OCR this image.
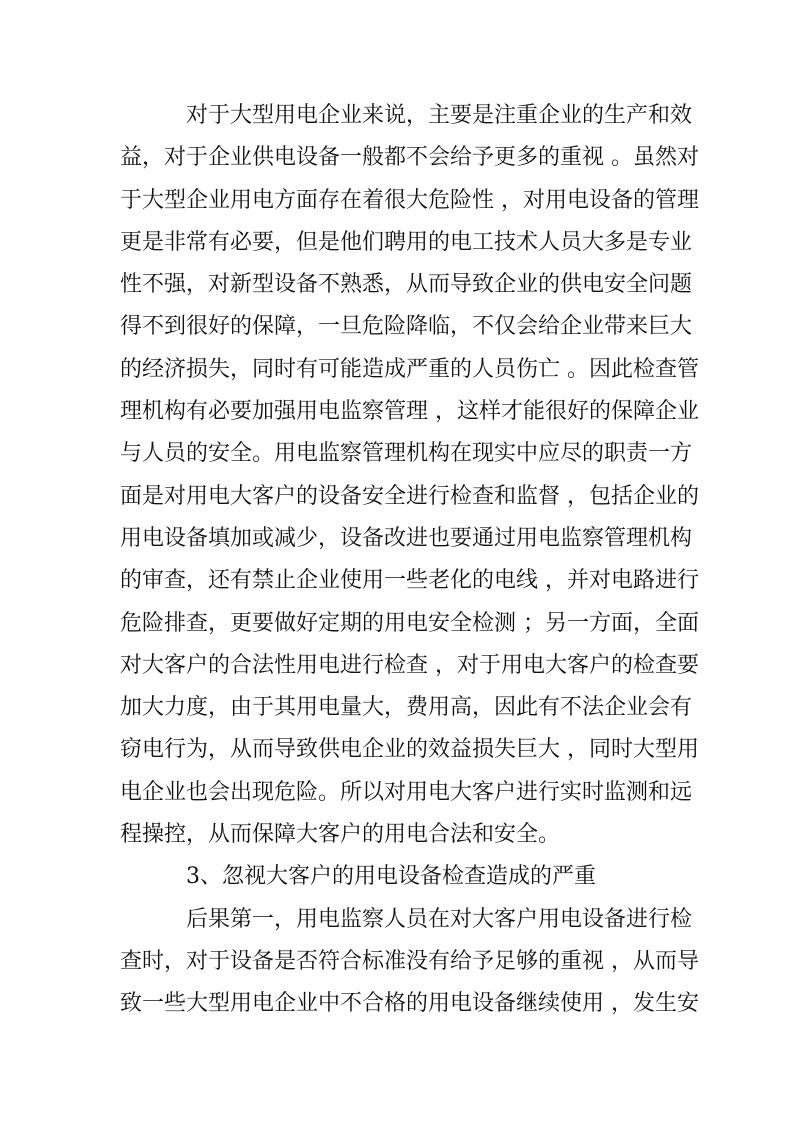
对于大型用电企业来说，主要是注重企业的生产和效
益，对于企业供电设备一般都不会给予更多的重视 。虽然对
于大型企业用电方面存在着很大危险性 ，对用电设备的管理
更是非常有必要，但是他们聘用的电工技术人员大多是专业
性不强，对新型设备不熟悉，从而导致企业的供电安全问题
得不到很好的保障，一旦危险降临，不仅会给企业带来巨大
的经济损失，同时有可能造成严重的人员伤亡 。因此检查管
理机构有必要加强用电监察管理 ，这样才能很好的保障企业
与人员的安全。用电监察管理机构在现实中应尽的职责一方
面是对用电大客户的设备安全进行检查和监督 ，包括企业的
用电设备填加或减少，设备改进也要通过用电监察管理机构
的审查，还有禁止企业使用一些老化的电线 ，并对电路进行
危险排查，更要做好定期的用电安全检测 ；另一方面，全面
对大客户的合法性用电进行检查 ，对于用电大客户的检查要
加大力度，由于其用电量大，费用高，因此有不法企业会有
窃电行为，从而导致供电企业的效益损失巨大 ，同时大型用
电企业也会出现危险。所以对用电大客户进行实时监测和远
程操控，从而保障大客户的用电合法和安全。
3、忽视大客户的用电设备检查造成的严重
后果第一，用电监察人员在对大客户用电设备进行检
查时，对于设备是否符合标准没有给予足够的重视 ，从而导
致一些大型用电企业中不合格的用电设备继续使用 ，发生安
